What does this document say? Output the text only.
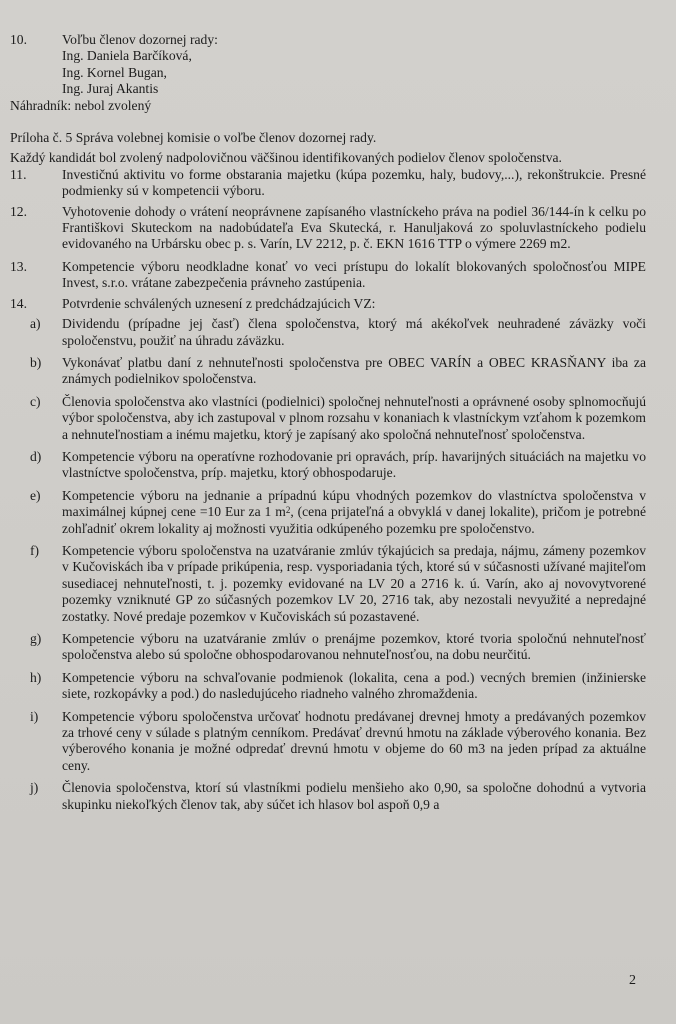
10.	Voľbu členov dozornej rady:
Ing. Daniela Barčíková,
Ing. Kornel Bugan,
Ing. Juraj Akantis
Náhradník: nebol zvolený
Príloha č. 5 Správa volebnej komisie o voľbe členov dozornej rady.
Každý kandidát bol zvolený nadpolovičnou väčšinou identifikovaných podielov členov spoločenstva.
11.	Investičnú aktivitu vo forme obstarania majetku (kúpa pozemku, haly, budovy,...), rekonštrukcie. Presné podmienky sú v kompetencii výboru.
12.	Vyhotovenie dohody o vrátení neoprávnene zapísaného vlastníckeho práva na podiel 36/144-ín k celku po Františkovi Skuteckom na nadobúdateľa Eva Skutecká, r. Hanuljaková zo spoluvlastníckeho podielu evidovaného na Urbársku obec p. s. Varín, LV 2212, p. č. EKN 1616 TTP o výmere 2269 m2.
13.	Kompetencie výboru neodkladne konať vo veci prístupu do lokalít blokovaných spoločnosťou MIPE Invest, s.r.o. vrátane zabezpečenia právneho zastúpenia.
14.	Potvrdenie schválených uznesení z predchádzajúcich VZ:
a)	Dividendu (prípadne jej časť) člena spoločenstva, ktorý má akékoľvek neuhradené záväzky voči spoločenstvu, použiť na úhradu záväzku.
b)	Vykonávať platbu daní z nehnuteľnosti spoločenstva pre OBEC VARÍN a OBEC KRASŇANY iba za známych podielnikov spoločenstva.
c)	Členovia spoločenstva ako vlastníci (podielnici) spoločnej nehnuteľnosti a oprávnené osoby splnomocňujú výbor spoločenstva, aby ich zastupoval v plnom rozsahu v konaniach k vlastníckym vzťahom k pozemkom a nehnuteľnostiam a inému majetku, ktorý je zapísaný ako spoločná nehnuteľnosť spoločenstva.
d)	Kompetencie výboru na operatívne rozhodovanie pri opravách, príp. havarijných situáciách na majetku vo vlastníctve spoločenstva, príp. majetku, ktorý obhospodaruje.
e)	Kompetencie výboru na jednanie a prípadnú kúpu vhodných pozemkov do vlastníctva spoločenstva v maximálnej kúpnej cene =10 Eur za 1 $m^2$, (cena prijateľná a obvyklá v danej lokalite), pričom je potrebné zohľadniť okrem lokality aj možnosti využitia odkúpeného pozemku pre spoločenstvo.
f)	Kompetencie výboru spoločenstva na uzatváranie zmlúv týkajúcich sa predaja, nájmu, zámeny pozemkov v Kučoviskách iba v prípade prikúpenia, resp. vysporiadania tých, ktoré sú v súčasnosti užívané majiteľom susediacej nehnuteľnosti, t. j. pozemky evidované na LV 20 a 2716 k. ú. Varín, ako aj novovytvorené pozemky vzniknuté GP zo súčasných pozemkov LV 20, 2716 tak, aby nezostali nevyužité a nepredajné zostatky. Nové predaje pozemkov v Kučoviskách sú pozastavené.
g)	Kompetencie výboru na uzatváranie zmlúv o prenájme pozemkov, ktoré tvoria spoločnú nehnuteľnosť spoločenstva alebo sú spoločne obhospodarovanou nehnuteľnosťou, na dobu neurčitú.
h)	Kompetencie výboru na schvaľovanie podmienok (lokalita, cena a pod.) vecných bremien (inžinierske siete, rozkopávky a pod.) do nasledujúceho riadneho valného zhromaždenia.
i)	Kompetencie výboru spoločenstva určovať hodnotu predávanej drevnej hmoty a predávaných pozemkov za trhové ceny v súlade s platným cenníkom. Predávať drevnú hmotu na základe výberového konania. Bez výberového konania je možné odpredať drevnú hmotu v objeme do 60 m3 na jeden prípad za aktuálne ceny.
j)	Členovia spoločenstva, ktorí sú vlastníkmi podielu menšieho ako 0,90, sa spoločne dohodnú a vytvoria skupinku niekoľkých členov tak, aby súčet ich hlasov bol aspoň 0,9 a
2
